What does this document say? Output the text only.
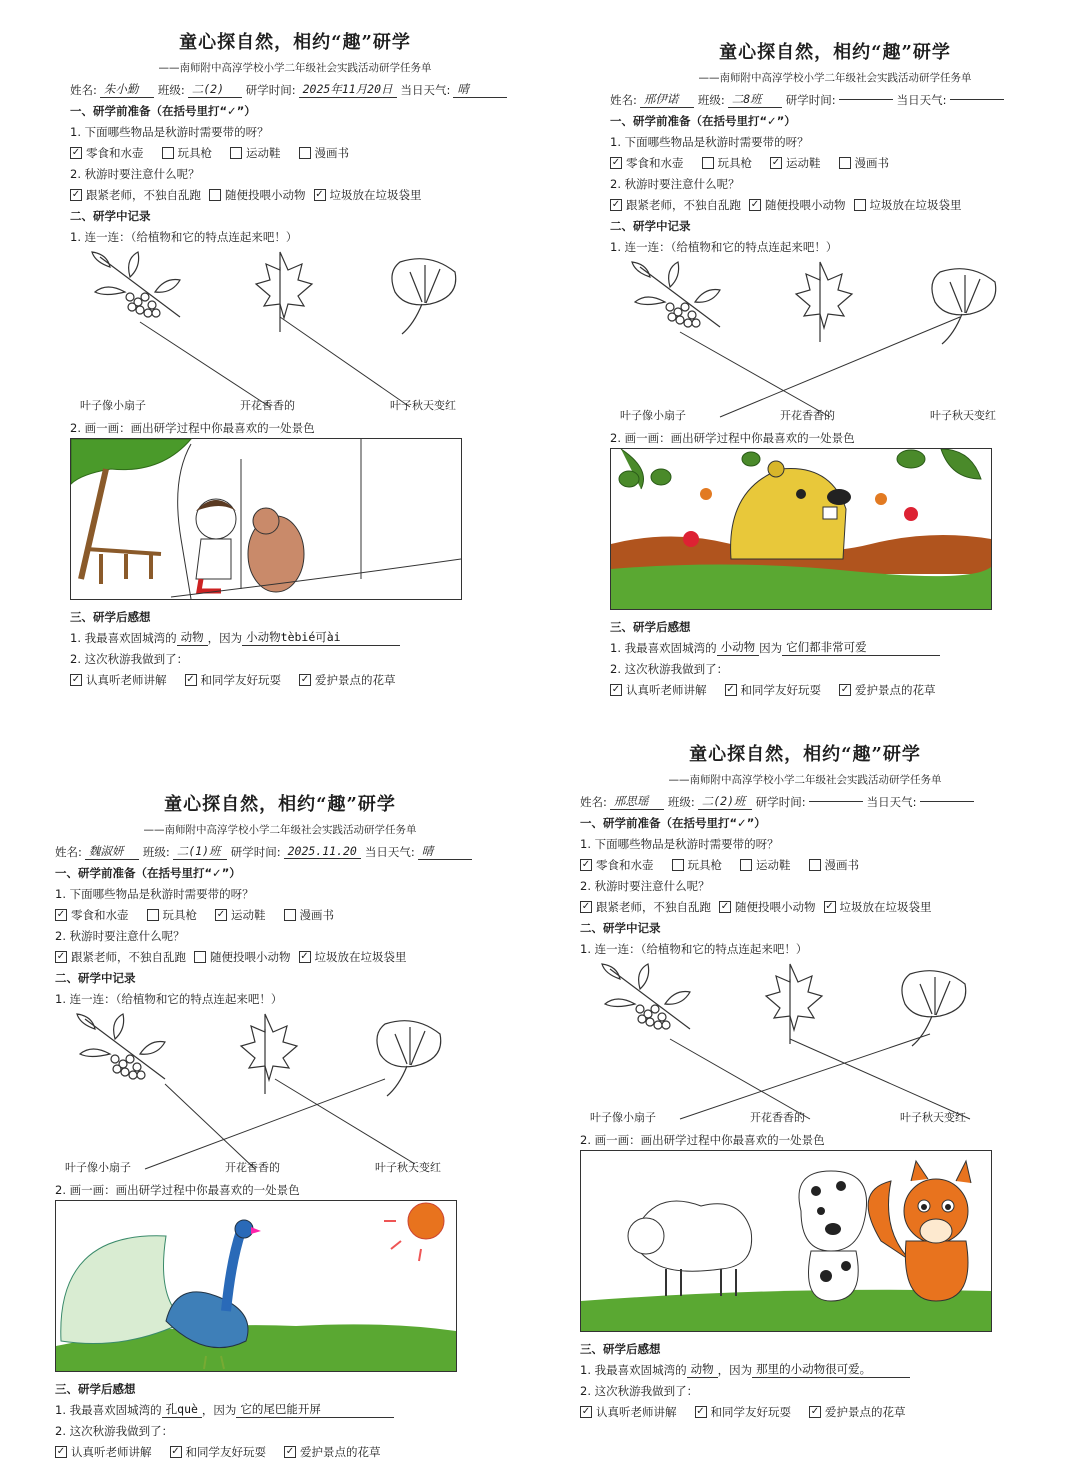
童心探自然，相约“趣”研学
——南师附中高淳学校小学二年级社会实践活动研学任务单
姓名: 朱小勤	班级: 二(2)	研学时间: 2025年11月20日 当日天气: 晴
一、研学前准备（在括号里打“✓”）
1. 下面哪些物品是秋游时需要带的呀？
✓ 零食和水壶	玩具枪	运动鞋	漫画书
2. 秋游时要注意什么呢？
✓ 跟紧老师，不独自乱跑 随便投喂小动物 ✓ 垃圾放在垃圾袋里
二、研学中记录
1. 连一连：（给植物和它的特点连起来吧！）
叶子像小扇子	开花香香的	叶子秋天变红
2. 画一画：画出研学过程中你最喜欢的一处景色
三、研学后感想
1. 我最喜欢固城湾的 动物 ，因为 小动物tèbié可ài
2. 这次秋游我做到了：
✓ 认真听老师讲解 ✓ 和同学友好玩耍 ✓ 爱护景点的花草
童心探自然，相约“趣”研学
——南师附中高淳学校小学二年级社会实践活动研学任务单
姓名: 邢伊诺	班级: 二8班	研学时间:	当日天气:
一、研学前准备（在括号里打“✓”）
1. 下面哪些物品是秋游时需要带的呀？
✓ 零食和水壶	玩具枪 ✓ 运动鞋	漫画书
2. 秋游时要注意什么呢？
✓ 跟紧老师，不独自乱跑 ✓ 随便投喂小动物 垃圾放在垃圾袋里
二、研学中记录
1. 连一连：（给植物和它的特点连起来吧！）
叶子像小扇子	开花香香的	叶子秋天变红
2. 画一画：画出研学过程中你最喜欢的一处景色
三、研学后感想
1. 我最喜欢固城湾的 小动物 因为 它们都非常可爱
2. 这次秋游我做到了：
✓ 认真听老师讲解 ✓ 和同学友好玩耍 ✓ 爱护景点的花草
童心探自然，相约“趣”研学
——南师附中高淳学校小学二年级社会实践活动研学任务单
姓名: 魏淑妍	班级: 二(1)班 研学时间: 2025.11.20 当日天气: 晴
一、研学前准备（在括号里打“✓”）
1. 下面哪些物品是秋游时需要带的呀？
✓ 零食和水壶	玩具枪 ✓ 运动鞋	漫画书
2. 秋游时要注意什么呢？
✓ 跟紧老师，不独自乱跑 随便投喂小动物 ✓ 垃圾放在垃圾袋里
二、研学中记录
1. 连一连：（给植物和它的特点连起来吧！）
叶子像小扇子	开花香香的	叶子秋天变红
2. 画一画：画出研学过程中你最喜欢的一处景色
三、研学后感想
1. 我最喜欢固城湾的 孔què ，因为 它的尾巴能开屏
2. 这次秋游我做到了：
✓ 认真听老师讲解 ✓ 和同学友好玩耍 ✓ 爱护景点的花草
童心探自然，相约“趣”研学
——南师附中高淳学校小学二年级社会实践活动研学任务单
姓名: 邢思瑶	班级: 二(2)班 研学时间:	当日天气:
一、研学前准备（在括号里打“✓”）
1. 下面哪些物品是秋游时需要带的呀？
✓ 零食和水壶	玩具枪	运动鞋	漫画书
2. 秋游时要注意什么呢？
✓ 跟紧老师，不独自乱跑 ✓ 随便投喂小动物 ✓ 垃圾放在垃圾袋里
二、研学中记录
1. 连一连：（给植物和它的特点连起来吧！）
叶子像小扇子	开花香香的	叶子秋天变红
2. 画一画：画出研学过程中你最喜欢的一处景色
三、研学后感想
1. 我最喜欢固城湾的 动物 ，因为 那里的小动物很可爱。
2. 这次秋游我做到了：
✓ 认真听老师讲解 ✓ 和同学友好玩耍 ✓ 爱护景点的花草
